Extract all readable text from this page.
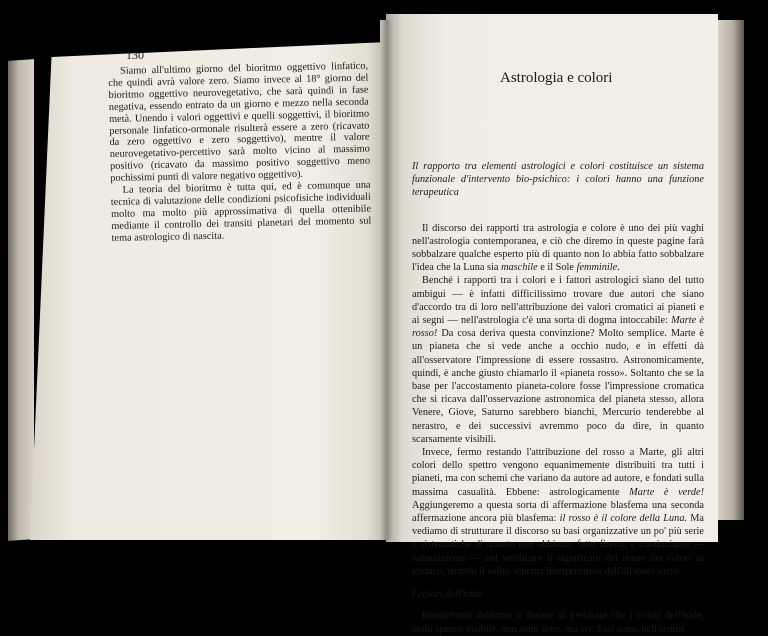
130

Siamo all'ultimo giorno del bioritmo oggettivo linfatico, che quindi avrà valore zero. Siamo invece al 18° giorno del bioritmo oggettivo neurovegetativo, che sarà quindi in fase negativa, essendo entrato da un giorno e mezzo nella seconda metà. Unendo i valori oggettivi e quelli soggettivi, il bioritmo personale linfatico-ormonale risulterà essere a zero (ricavato da zero oggettivo e zero soggettivo), mentre il valore neurovegetativo-percettivo sarà molto vicino al massimo positivo (ricavato da massimo positivo soggettivo meno pochissimi punti di valore negativo oggettivo).

La teoria del bioritmo è tutta qui, ed è comunque una tecnica di valutazione delle condizioni psicofisiche individuali molto ma molto più approssimativa di quella ottenibile mediante il controllo dei transiti planetari del momento sul tema astrologico di nascita.

Astrologia e colori

Il rapporto tra elementi astrologici e colori costituisce un sistema funzionale d'intervento bio-psichico: i colori hanno una funzione terapeutica

Il discorso dei rapporti tra astrologia e colore è uno dei più vaghi nell'astrologia contemporanea, e ciò che diremo in queste pagine farà sobbalzare qualche esperto più di quanto non lo abbia fatto sobbalzare l'idea che la Luna sia maschile e il Sole femminile.

Benché i rapporti tra i colori e i fattori astrologici siano del tutto ambigui — è infatti difficilissimo trovare due autori che siano d'accordo tra di loro nell'attribuzione dei valori cromatici ai pianeti e ai segni — nell'astrologia c'è una sorta di dogma intoccabile: Marte è rosso! Da cosa deriva questa convinzione? Molto semplice. Marte è un pianeta che si vede anche a occhio nudo, e in effetti dà all'osservatore l'impressione di essere rossastro. Astronomicamente, quindi, è anche giusto chiamarlo il «pianeta rosso». Soltanto che se la base per l'accostamento pianeta-colore fosse l'impressione cromatica che si ricava dall'osservazione astronomica del pianeta stesso, allora Venere, Giove, Saturno sarebbero bianchi, Mercurio tenderebbe al nerastro, e dei successivi avremmo poco da dire, in quanto scarsamente visibili.

Invece, fermo restando l'attribuzione del rosso a Marte, gli altri colori dello spettro vengono equanimemente distribuiti tra tutti i pianeti, ma con schemi che variano da autore ad autore, e fondati sulla massima casualità. Ebbene: astrologicamente Marte è verde! Aggiungeremo a questa sorta di affermazione blasfema una seconda affermazione ancora più blasfema: il rosso è il colore della Luna. Ma vediamo di strutturare il discorso su basi organizzative un po' più serie e sistematiche di quanto non abbiamo fatto finora, e cominciamo — naturalmente — col verificare il significato del nome dei colori in ebraico, usando il solito schema interpretativo dell'alfabeto sacro.

I colori dell'iride

Innanzitutto abbiamo il dovere di precisare che i colori dell'iride, dello spettro visibile, non sono sette, ma sei. Essi sono, nell'ordine,
